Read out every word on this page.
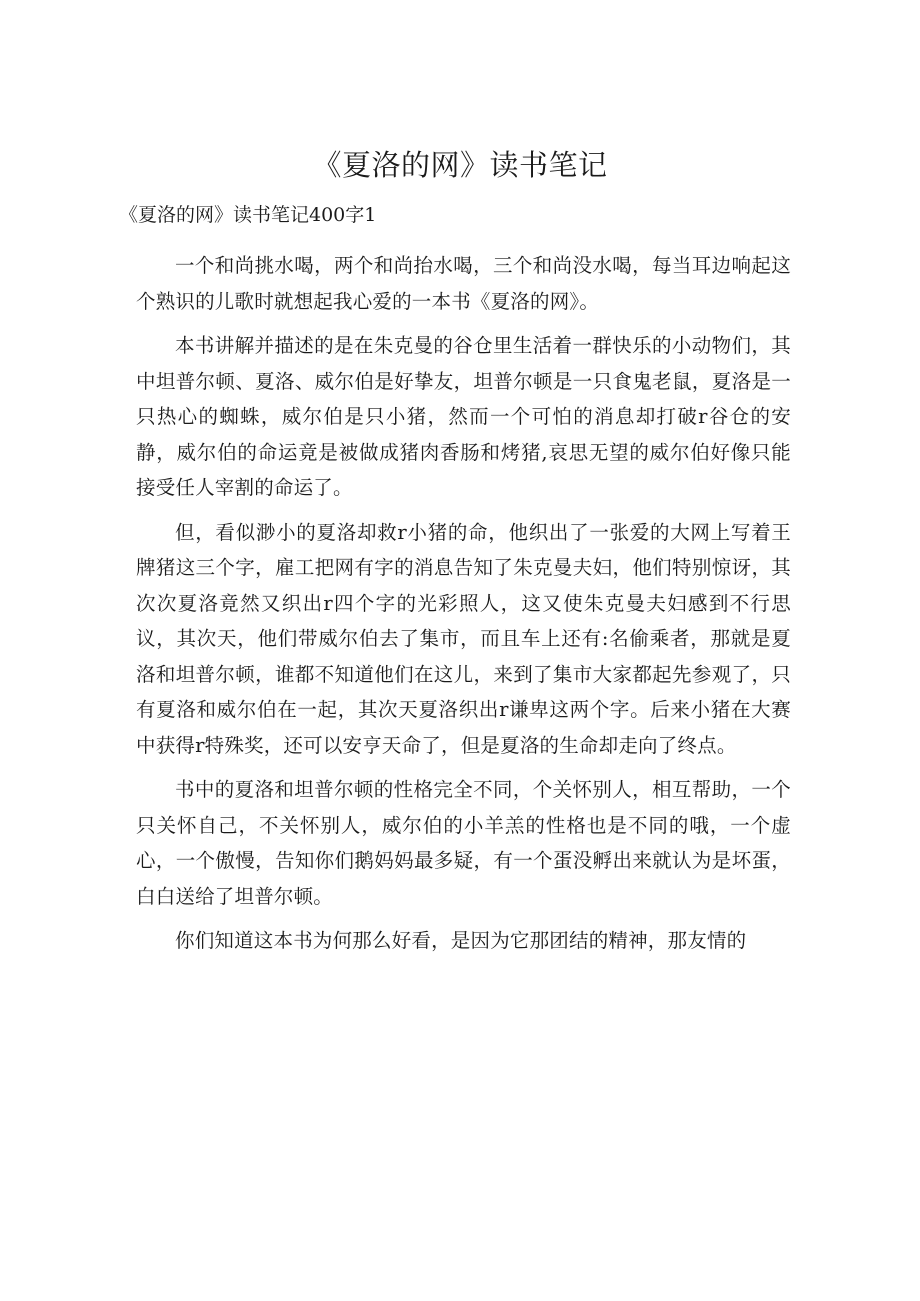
《夏洛的网》读书笔记
《夏洛的网》读书笔记400字1

一个和尚挑水喝，两个和尚抬水喝，三个和尚没水喝，每当耳边响起这个熟识的儿歌时就想起我心爱的一本书《夏洛的网》。

本书讲解并描述的是在朱克曼的谷仓里生活着一群快乐的小动物们，其中坦普尔顿、夏洛、威尔伯是好挚友，坦普尔顿是一只食鬼老鼠，夏洛是一只热心的蜘蛛，威尔伯是只小猪，然而一个可怕的消息却打破r谷仓的安静，威尔伯的命运竟是被做成猪肉香肠和烤猪,哀思无望的威尔伯好像只能接受任人宰割的命运了。

但，看似渺小的夏洛却救r小猪的命，他织出了一张爱的大网上写着王牌猪这三个字，雇工把网有字的消息告知了朱克曼夫妇，他们特别惊讶，其次次夏洛竟然又织出r四个字的光彩照人，这又使朱克曼夫妇感到不行思议，其次天，他们带威尔伯去了集市，而且车上还有:名偷乘者，那就是夏洛和坦普尔顿，谁都不知道他们在这儿，来到了集市大家都起先参观了，只有夏洛和威尔伯在一起，其次天夏洛织出r谦卑这两个字。后来小猪在大赛中获得r特殊奖，还可以安亨天命了，但是夏洛的生命却走向了终点。

书中的夏洛和坦普尔顿的性格完全不同，个关怀别人，相互帮助，一个只关怀自己，不关怀别人，威尔伯的小羊羔的性格也是不同的哦，一个虚心，一个傲慢，告知你们鹅妈妈最多疑，有一个蛋没孵出来就认为是坏蛋，白白送给了坦普尔顿。

你们知道这本书为何那么好看，是因为它那团结的精神，那友情的
